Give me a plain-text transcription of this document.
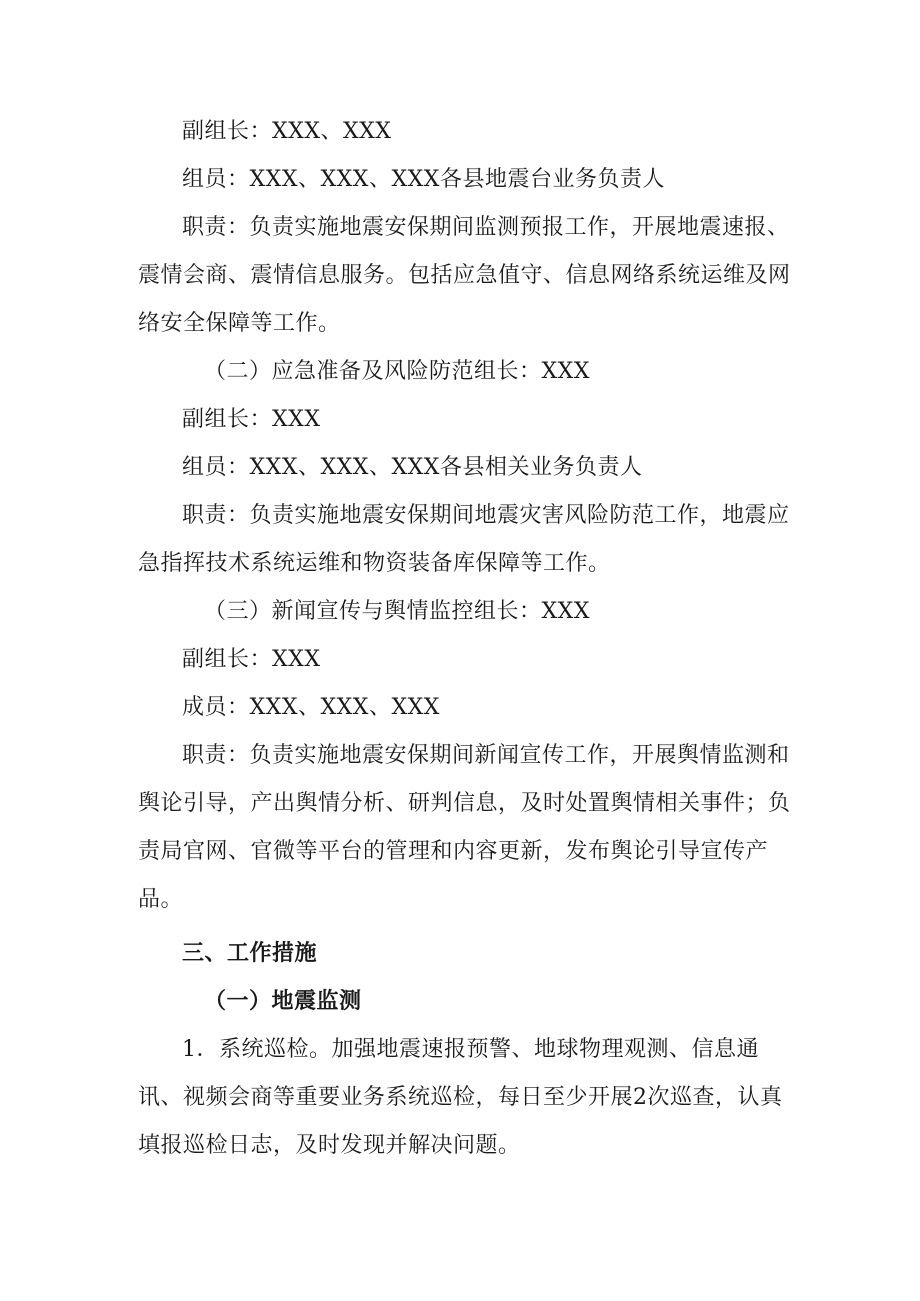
副组长：XXX、XXX

组员：XXX、XXX、XXX各县地震台业务负责人

职责：负责实施地震安保期间监测预报工作，开展地震速报、震情会商、震情信息服务。包括应急值守、信息网络系统运维及网络安全保障等工作。

（二）应急准备及风险防范组长：XXX

副组长：XXX

组员：XXX、XXX、XXX各县相关业务负责人

职责：负责实施地震安保期间地震灾害风险防范工作，地震应急指挥技术系统运维和物资装备库保障等工作。

（三）新闻宣传与舆情监控组长：XXX

副组长：XXX

成员：XXX、XXX、XXX

职责：负责实施地震安保期间新闻宣传工作，开展舆情监测和舆论引导，产出舆情分析、研判信息，及时处置舆情相关事件；负责局官网、官微等平台的管理和内容更新，发布舆论引导宣传产品。

三、工作措施

（一）地震监测

1．系统巡检。加强地震速报预警、地球物理观测、信息通讯、视频会商等重要业务系统巡检，每日至少开展2次巡查，认真填报巡检日志，及时发现并解决问题。
